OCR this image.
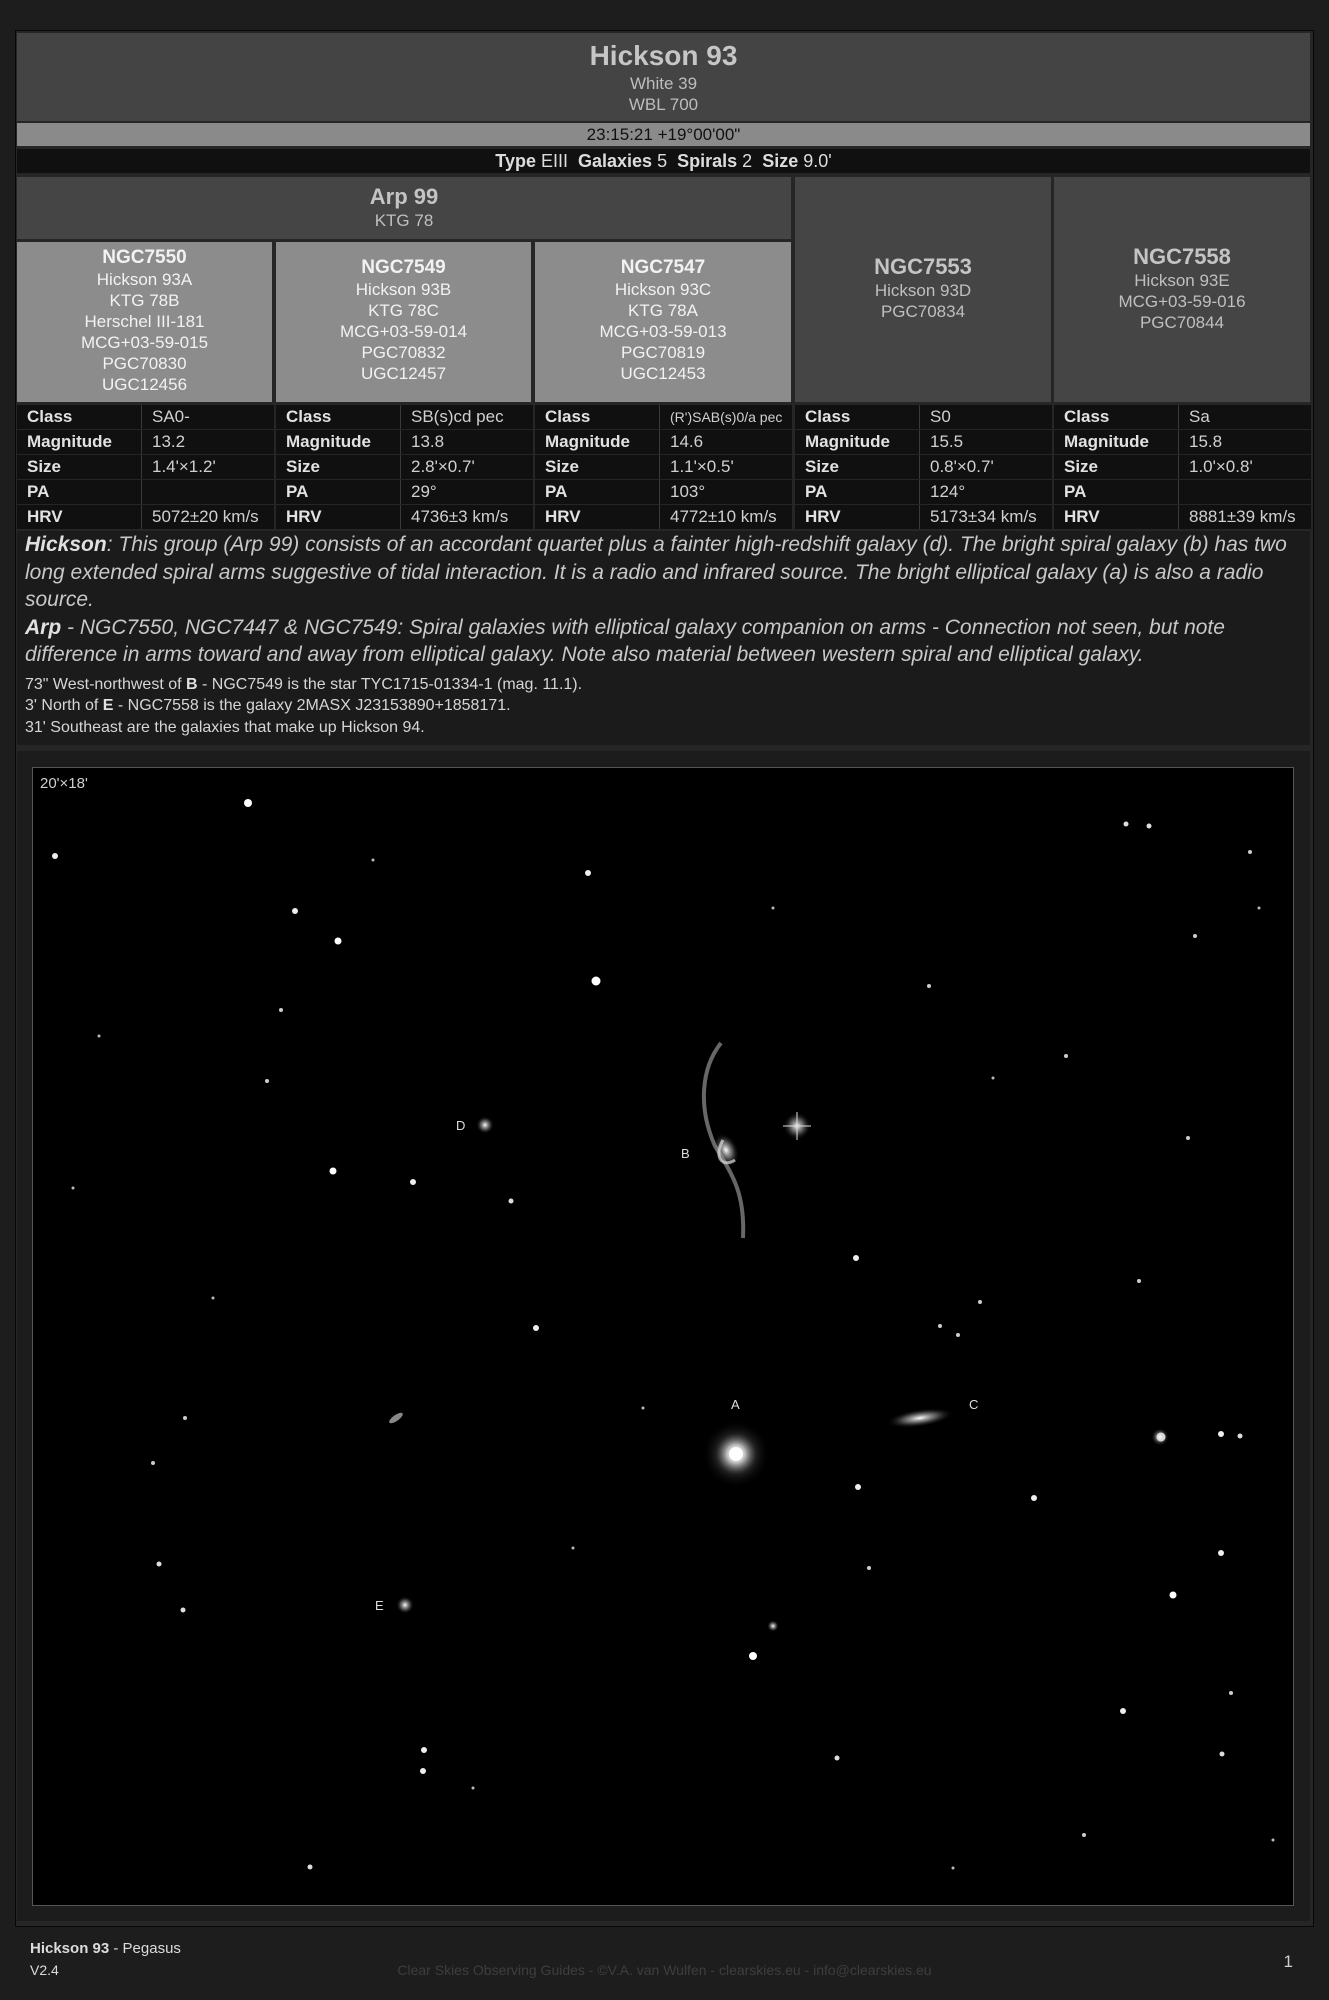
Hickson 93
White 39
WBL 700
23:15:21 +19°00'00"
Type EIII Galaxies 5 Spirals 2 Size 9.0'
Arp 99
KTG 78
NGC7550
Hickson 93A
KTG 78B
Herschel III-181
MCG+03-59-015
PGC70830
UGC12456
NGC7549
Hickson 93B
KTG 78C
MCG+03-59-014
PGC70832
UGC12457
NGC7547
Hickson 93C
KTG 78A
MCG+03-59-013
PGC70819
UGC12453
NGC7553
Hickson 93D
PGC70834
NGC7558
Hickson 93E
MCG+03-59-016
PGC70844
Class	SA0-
Magnitude	13.2
Size	1.4'×1.2'
PA
HRV	5072±20 km/s
Class	SB(s)cd pec
Magnitude	13.8
Size	2.8'×0.7'
PA	29°
HRV	4736±3 km/s
Class	(R')SAB(s)0/a pec
Magnitude	14.6
Size	1.1'×0.5'
PA	103°
HRV	4772±10 km/s
Class	S0
Magnitude	15.5
Size	0.8'×0.7'
PA	124°
HRV	5173±34 km/s
Class	Sa
Magnitude	15.8
Size	1.0'×0.8'
PA
HRV	8881±39 km/s

Hickson: This group (Arp 99) consists of an accordant quartet plus a fainter high-redshift galaxy (d). The bright spiral galaxy (b) has two long extended spiral arms suggestive of tidal interaction. It is a radio and infrared source. The bright elliptical galaxy (a) is also a radio source.

Arp - NGC7550, NGC7447 & NGC7549: Spiral galaxies with elliptical galaxy companion on arms - Connection not seen, but note difference in arms toward and away from elliptical galaxy. Note also material between western spiral and elliptical galaxy.

73" West-northwest of B - NGC7549 is the star TYC1715-01334-1 (mag. 11.1).

3' North of E - NGC7558 is the galaxy 2MASX J23153890+1858171.

31' Southeast are the galaxies that make up Hickson 94.

20'×18'
A
B
C
D
E
Hickson 93 - Pegasus
V2.4	Clear Skies Observing Guides - ©V.A. van Wulfen - clearskies.eu - info@clearskies.eu	1
